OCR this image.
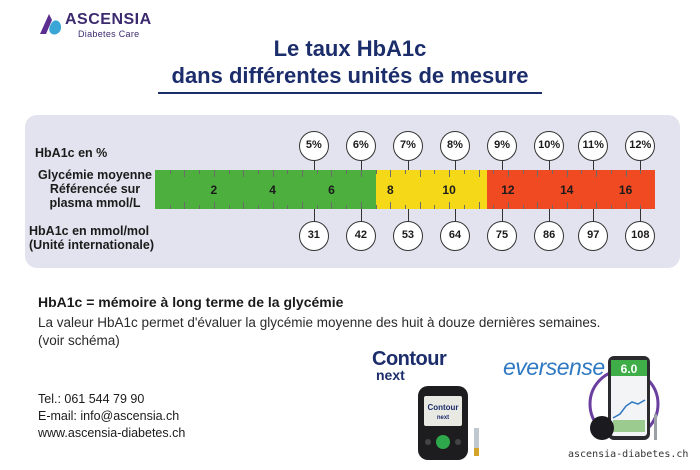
ASCENSIA
Diabetes Care
Le taux HbA1c
dans différentes unités de mesure
HbA1c en %
Glycémie moyenne
Référencée sur
plasma mmol/L
HbA1c en mmol/mol
(Unité internationale)
2	4	6	8	10	12	14	16
HbA1c = mémoire à long terme de la glycémie
La valeur HbA1c permet d'évaluer la glycémie moyenne des huit à douze dernières semaines.
(voir schéma)
Tel.: 061 544 79 90
E-mail: info@ascensia.ch
www.ascensia-diabetes.ch
Contour
next	eversense
Contour
next
6.0
ascensia-diabetes.ch
5%	6%	7%	8%	9%	10%	11%	12%
31	42	53	64	75	86	97	108
